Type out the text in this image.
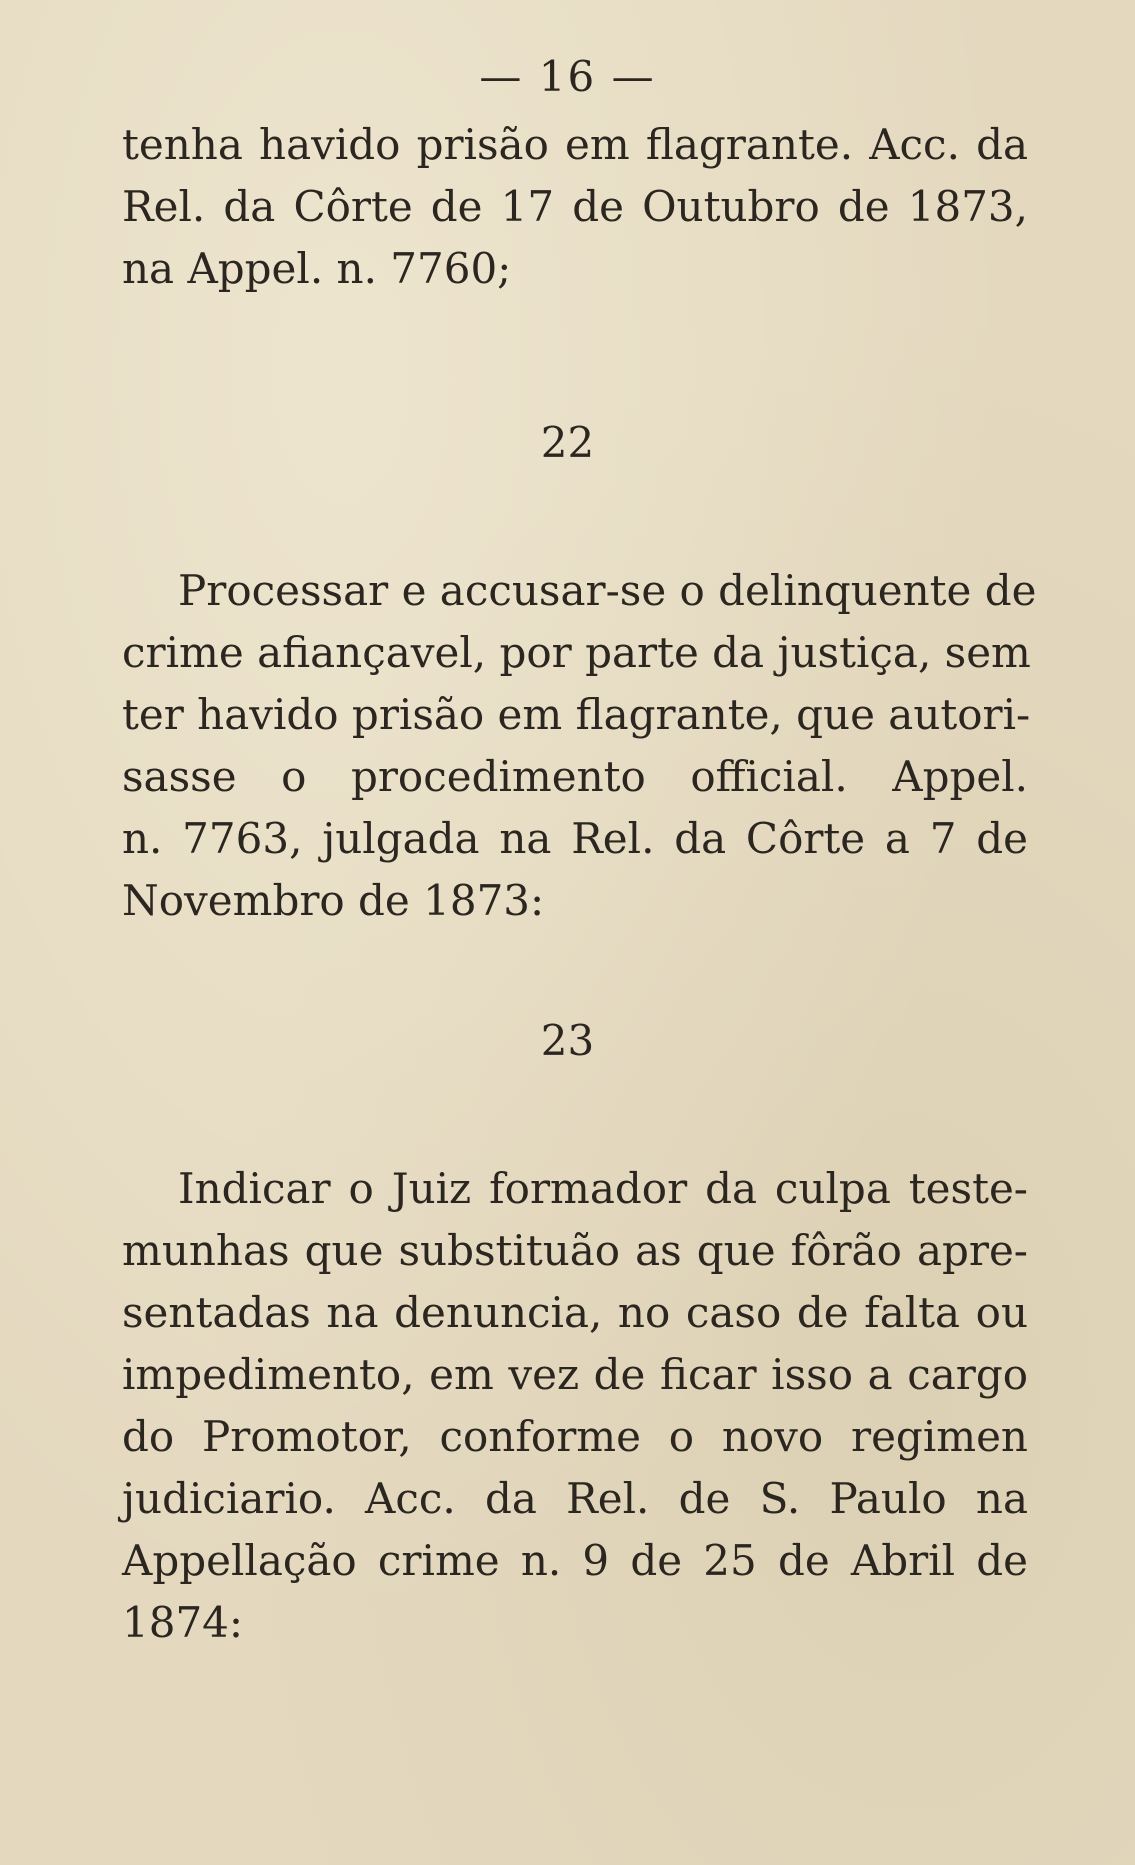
— 16 —
tenha havido prisão em flagrante. Acc. da
Rel. da Côrte de 17 de Outubro de 1873,
na Appel. n. 7760;
22
Processar e accusar-se o delinquente de
crime afiançavel, por parte da justiça, sem
ter havido prisão em flagrante, que autori-
sasse o procedimento official. Appel.
n. 7763, julgada na Rel. da Côrte a 7 de
Novembro de 1873:
23
Indicar o Juiz formador da culpa teste-
munhas que substituão as que fôrão apre-
sentadas na denuncia, no caso de falta ou
impedimento, em vez de ficar isso a cargo
do Promotor, conforme o novo regimen
judiciario. Acc. da Rel. de S. Paulo na
Appellação crime n. 9 de 25 de Abril de
1874:
